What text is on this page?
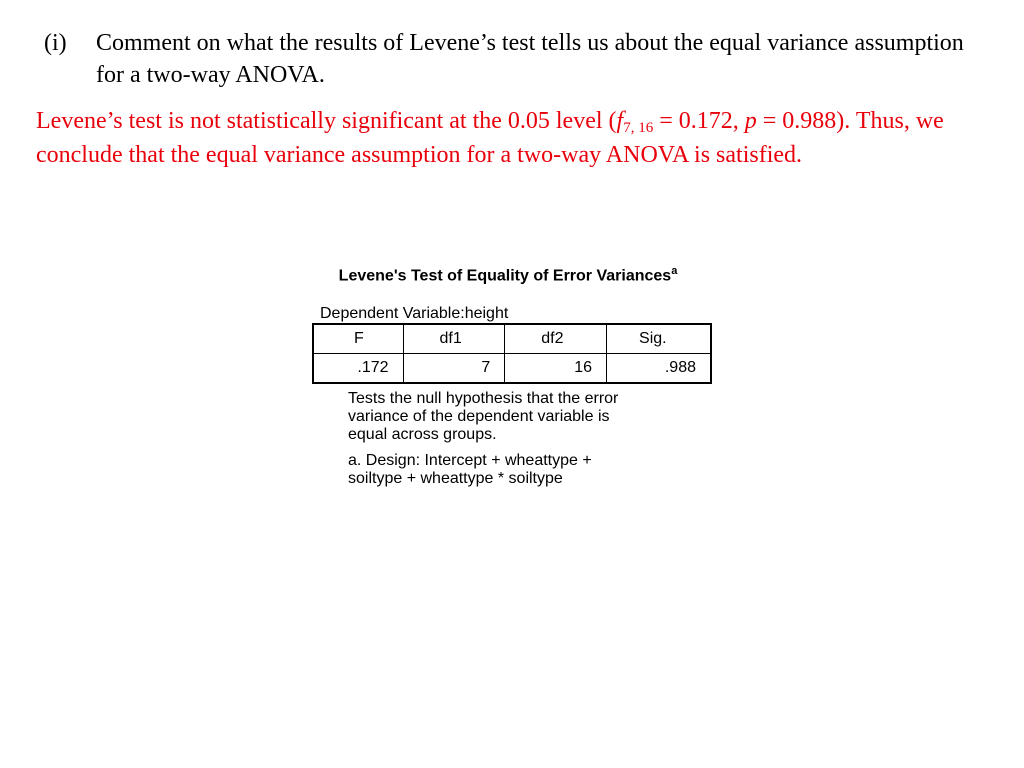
(i) Comment on what the results of Levene’s test tells us about the equal variance assumption for a two-way ANOVA.
Levene’s test is not statistically significant at the 0.05 level ($f_{7, 16} = 0.172$, p = 0.988). Thus, we conclude that the equal variance assumption for a two-way ANOVA is satisfied.
Levene's Test of Equality of Error Variances$^a$
Dependent Variable:height
F	df1	df2	Sig.
.172	7	16	.988
Tests the null hypothesis that the error variance of the dependent variable is equal across groups.
a. Design: Intercept + wheattype + soiltype + wheattype * soiltype
